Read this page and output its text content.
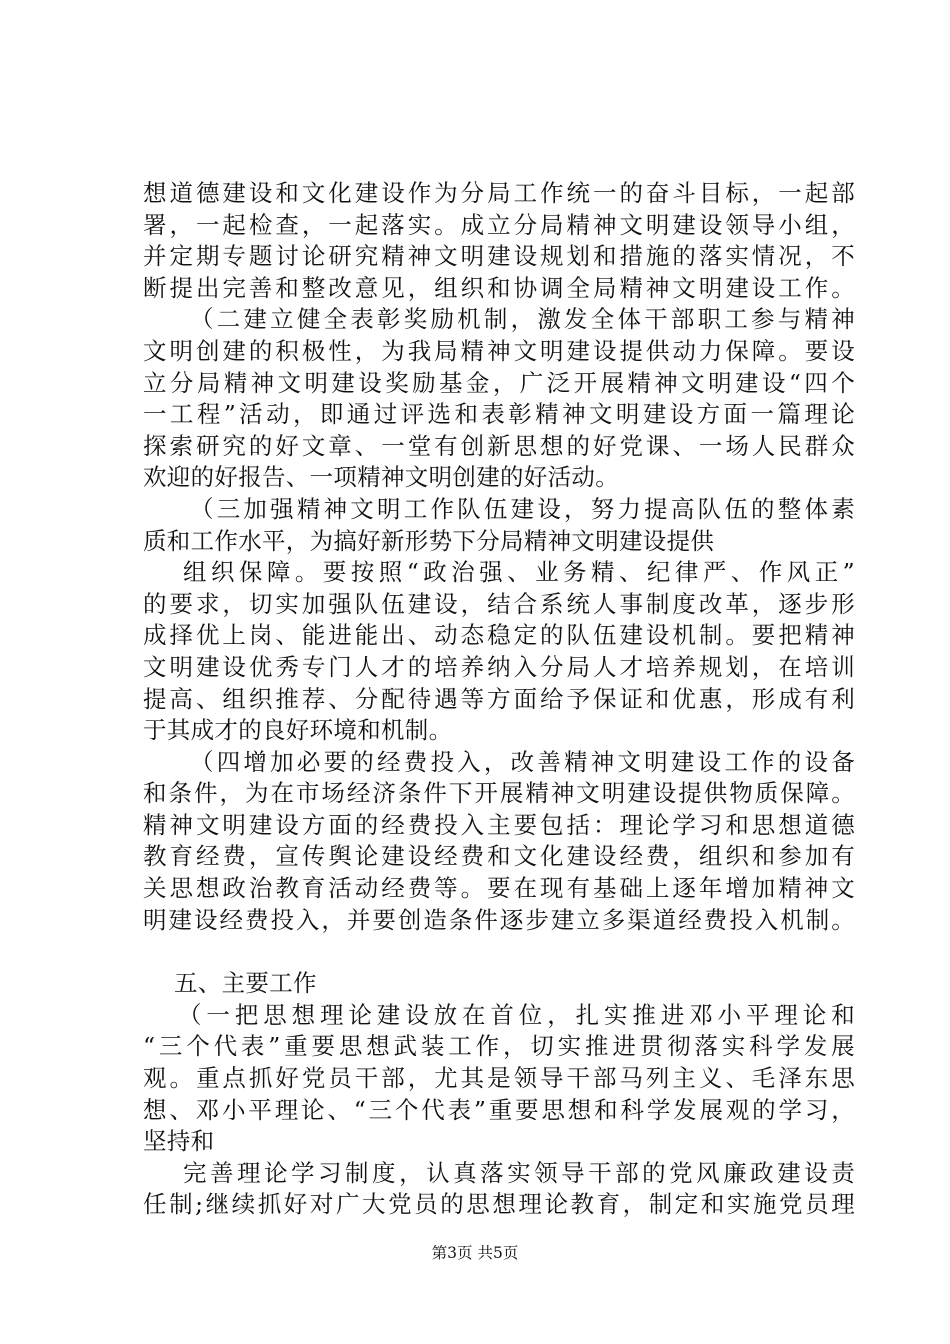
想道德建设和文化建设作为分局工作统一的奋斗目标，一起部
署，一起检查，一起落实。成立分局精神文明建设领导小组，
并定期专题讨论研究精神文明建设规划和措施的落实情况，不
断提出完善和整改意见，组织和协调全局精神文明建设工作。
（二建立健全表彰奖励机制，激发全体干部职工参与精神
文明创建的积极性，为我局精神文明建设提供动力保障。要设
立分局精神文明建设奖励基金，广泛开展精神文明建设“四个
一工程”活动，即通过评选和表彰精神文明建设方面一篇理论
探索研究的好文章、一堂有创新思想的好党课、一场人民群众
欢迎的好报告、一项精神文明创建的好活动。
（三加强精神文明工作队伍建设，努力提高队伍的整体素
质和工作水平，为搞好新形势下分局精神文明建设提供
组织保障。要按照“政治强、业务精、纪律严、作风正”
的要求，切实加强队伍建设，结合系统人事制度改革，逐步形
成择优上岗、能进能出、动态稳定的队伍建设机制。要把精神
文明建设优秀专门人才的培养纳入分局人才培养规划，在培训
提高、组织推荐、分配待遇等方面给予保证和优惠，形成有利
于其成才的良好环境和机制。
（四增加必要的经费投入，改善精神文明建设工作的设备
和条件，为在市场经济条件下开展精神文明建设提供物质保障。
精神文明建设方面的经费投入主要包括：理论学习和思想道德
教育经费，宣传舆论建设经费和文化建设经费，组织和参加有
关思想政治教育活动经费等。要在现有基础上逐年增加精神文
明建设经费投入，并要创造条件逐步建立多渠道经费投入机制。
五、主要工作
（一把思想理论建设放在首位，扎实推进邓小平理论和
“三个代表”重要思想武装工作，切实推进贯彻落实科学发展
观。重点抓好党员干部，尤其是领导干部马列主义、毛泽东思
想、邓小平理论、“三个代表”重要思想和科学发展观的学习，
坚持和
完善理论学习制度，认真落实领导干部的党风廉政建设责
任制;继续抓好对广大党员的思想理论教育，制定和实施党员理
第3页 共5页
